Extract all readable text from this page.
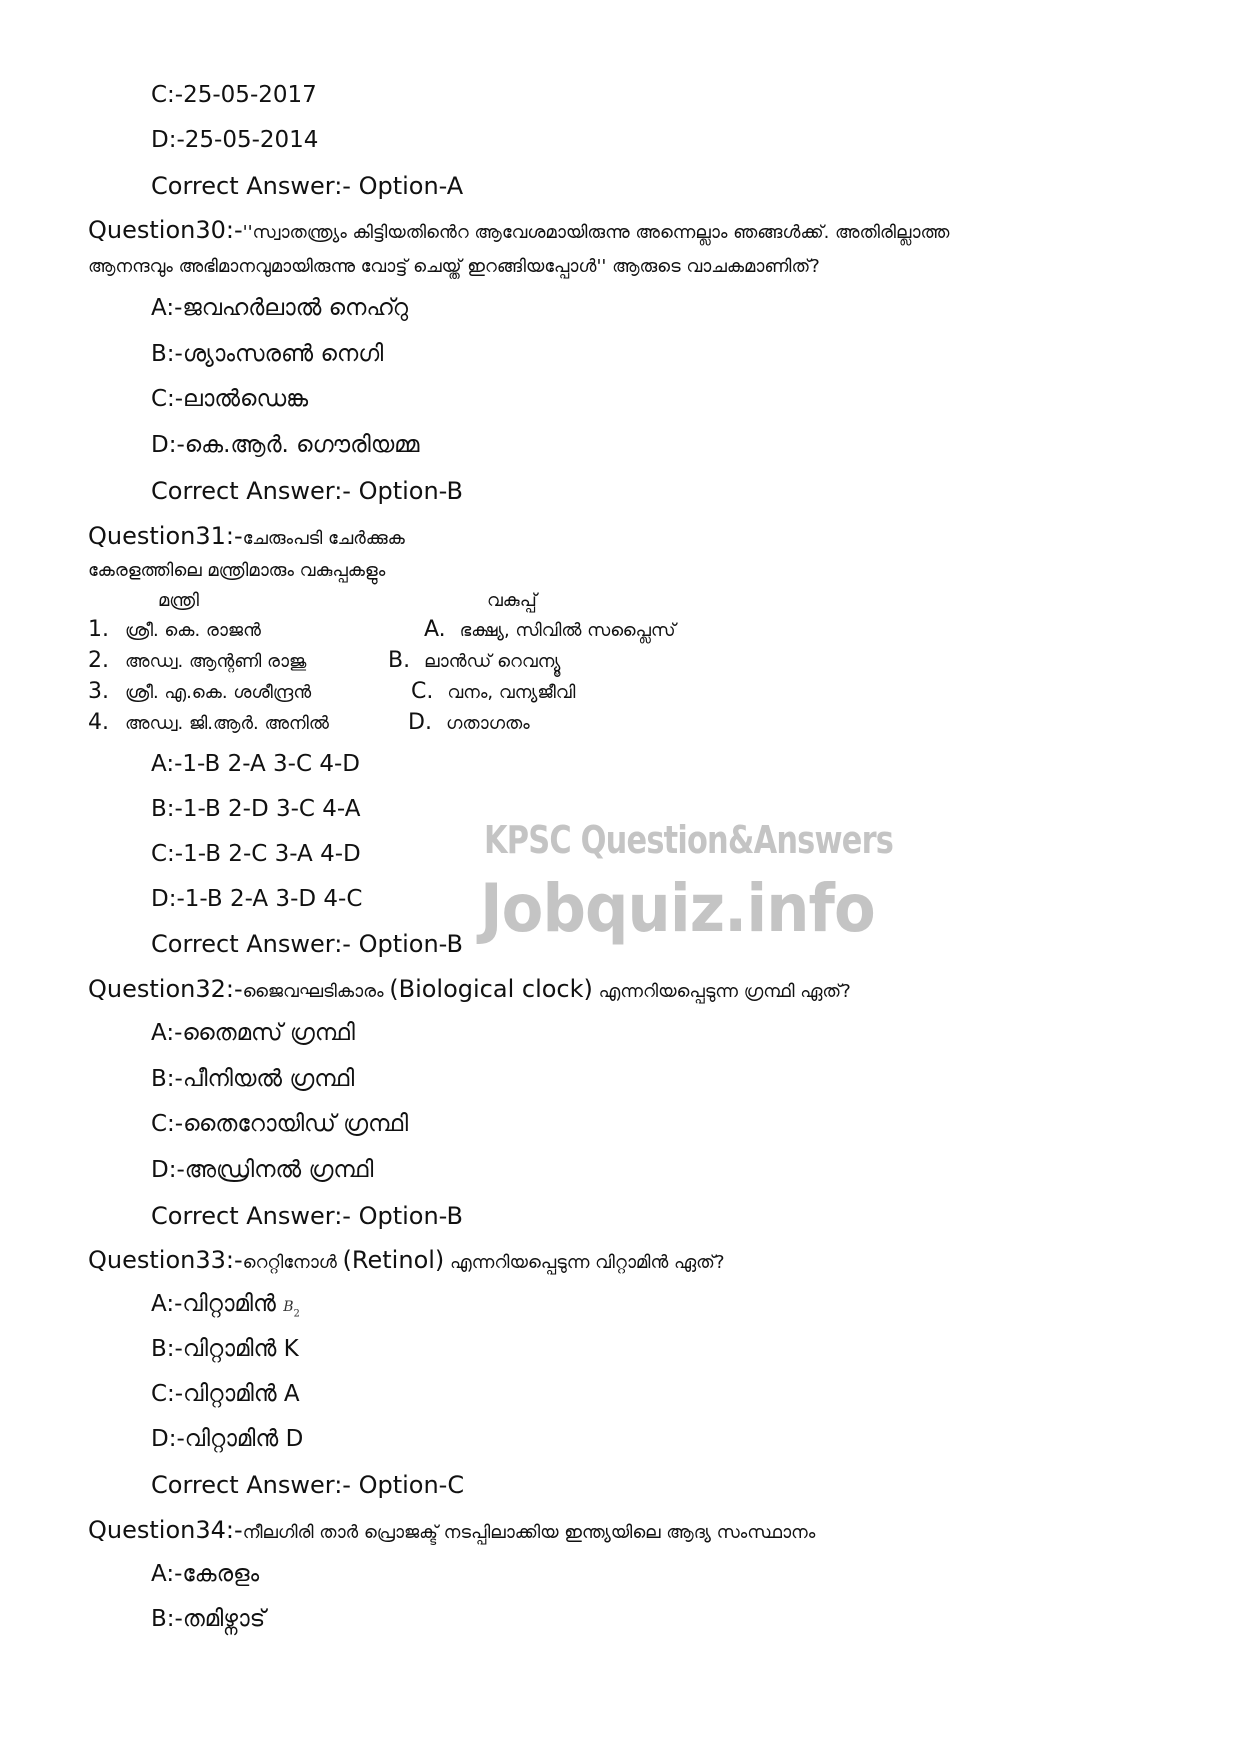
KPSC Question&Answers
Jobquiz.info
C:-25-05-2017
D:-25-05-2014
Correct Answer:- Option-A
Question30:-''സ്വാതന്ത്ര്യം കിട്ടിയതിൻെറ ആവേശമായിരുന്നു അന്നെല്ലാം ഞങ്ങൾക്ക്. അതിരില്ലാത്ത
ആനന്ദവും അഭിമാനവുമായിരുന്നു വോട്ട് ചെയ്ത് ഇറങ്ങിയപ്പോൾ'' ആരുടെ വാചകമാണിത്?
A:-ജവഹർലാൽ നെഹ്റു
B:-ശ്യാംസരൺ നെഗി
C:-ലാൽഡെങ്ക
D:-കെ.ആർ. ഗൌരിയമ്മ
Correct Answer:- Option-B
Question31:-ചേരുംപടി ചേർക്കുക
കേരളത്തിലെ മന്ത്രിമാരും വകുപ്പകളും
മന്ത്രി	വകുപ്പ്
1. ശ്രീ. കെ. രാജൻ	A. ഭക്ഷ്യ, സിവിൽ സപ്ലൈസ്
2. അഡ്വ. ആന്റണി രാജു	B. ലാൻഡ് റെവന്യൂ
3. ശ്രീ. എ.കെ. ശശീന്ദ്രൻ	C. വനം, വന്യജീവി
4. അഡ്വ. ജി.ആർ. അനിൽ	D. ഗതാഗതം
A:-1-B 2-A 3-C 4-D
B:-1-B 2-D 3-C 4-A
C:-1-B 2-C 3-A 4-D
D:-1-B 2-A 3-D 4-C
Correct Answer:- Option-B
Question32:-ജൈവഘടികാരം (Biological clock) എന്നറിയപ്പെടുന്ന ഗ്രന്ഥി ഏത്?
A:-തൈമസ് ഗ്രന്ഥി
B:-പീനിയൽ ഗ്രന്ഥി
C:-തൈറോയിഡ് ഗ്രന്ഥി
D:-അഡ്രിനൽ ഗ്രന്ഥി
Correct Answer:- Option-B
Question33:-റെറ്റിനോൾ (Retinol) എന്നറിയപ്പെടുന്ന വിറ്റാമിൻ ഏത്?
A:-വിറ്റാമിൻ $B_2$
B:-വിറ്റാമിൻ K
C:-വിറ്റാമിൻ A
D:-വിറ്റാമിൻ D
Correct Answer:- Option-C
Question34:-നീലഗിരി താർ പ്രൊജക്ട് നടപ്പിലാക്കിയ ഇന്ത്യയിലെ ആദ്യ സംസ്ഥാനം
A:-കേരളം
B:-തമിഴ്നാട്
